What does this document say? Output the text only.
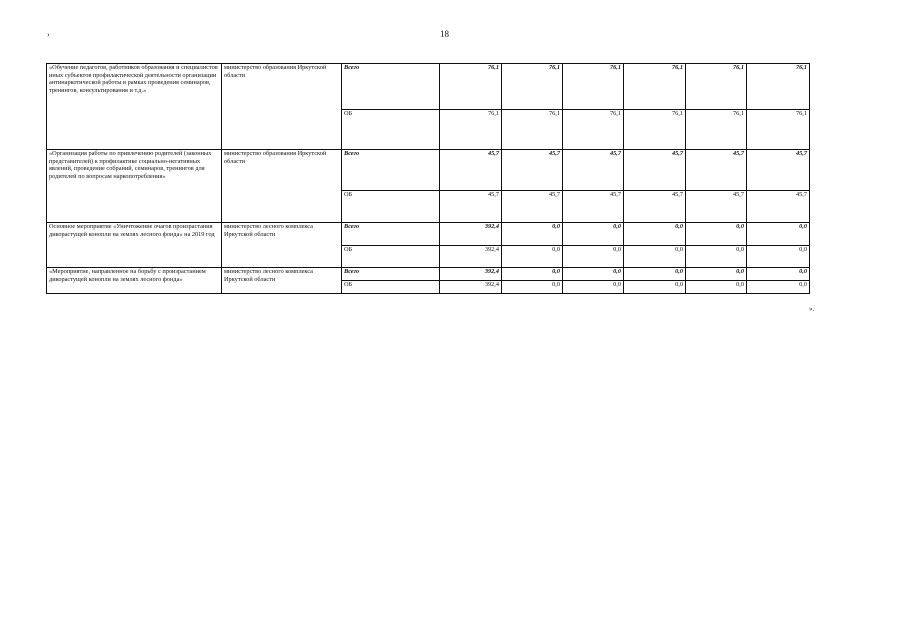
›	18
«Обучение педагогов, работников образования и специалистов иных субъектов профилактической деятельности организации антинаркотической работы в рамках проведения семинаров, тренингов, консультирования и т.д.»	министерство образования Иркутской области	Всего	76,1	76,1	76,1	76,1	76,1	76,1
		ОБ	76,1	76,1	76,1	76,1	76,1	76,1
«Организация работы по привлечению родителей (законных представителей) к профилактике социально-негативных явлений, проведение собраний, семинаров, тренингов для родителей по вопросам наркопотребления»	министерство образования Иркутской области	Всего	45,7	45,7	45,7	45,7	45,7	45,7
		ОБ	45,7	45,7	45,7	45,7	45,7	45,7
Основное мероприятие «Уничтожение очагов произрастания дикорастущей конопли на землях лесного фонда» на 2019 год	министерство лесного комплекса Иркутской области	Всего	392,4	0,0	0,0	0,0	0,0	0,0
		ОБ	392,4	0,0	0,0	0,0	0,0	0,0
«Мероприятие, направленное на борьбу с произрастанием дикорастущей конопли на землях лесного фонда»	министерство лесного комплекса Иркутской области	Всего	392,4	0,0	0,0	0,0	0,0	0,0
		ОБ	392,4	0,0	0,0	0,0	0,0	0,0
».
